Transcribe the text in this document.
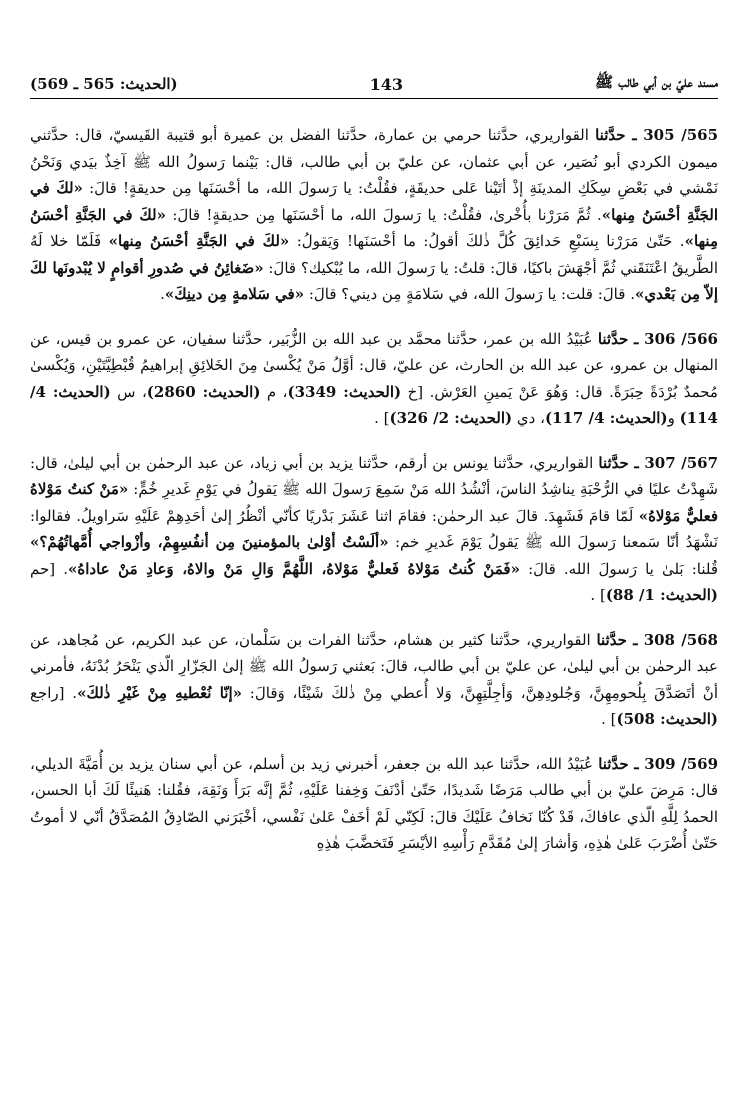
مسند عليّ بن أبي طالب ﷺ
143
(الحديث: 565 ـ 569)

565/ 305 ـ حدَّثنا القواريري، حدَّثنا حرمي بن عمارة، حدَّثنا الفضل بن عميرة أبو قتيبة القَيسيّ، قال: حدَّثني ميمون الكردي أبو نُصَير، عن أبي عثمان، عن عليّ بن أبي طالب، قال: بَيْنما رَسولُ الله ﷺ آخِذٌ بيَدي وَنَحْنُ نَمْشي في بَعْضِ سِكَكِ المدينَةِ إذْ أتَيْنا عَلى حديقَةٍ، فقُلْتُ: يا رَسولَ الله، ما أحْسَنَها مِن حديقةٍ! قالَ: «لكَ في الجَنَّةِ أحْسَنُ مِنها». ثُمَّ مَرَرْنا بأُخْرىٰ، فقُلْتُ: يا رَسولَ الله، ما أحْسَنَها مِن حديقةٍ! قالَ: «لكَ في الجَنَّةِ أحْسَنُ مِنها». حَتّىٰ مَرَرْنا بِسَبْعِ حَدائِقَ كُلَّ ذٰلكَ أقولُ: ما أحْسَنَها! وَيَقولُ: «لكَ في الجَنَّةِ أحْسَنُ مِنها» فَلَمّا خلا لَهُ الطَّريقُ اعْتَنَقَني ثُمَّ أجْهَشَ باكيًا، قالَ: قلتُ: يا رَسولَ الله، ما يُبْكيك؟ قالَ: «ضَغائِنُ في صُدورِ أقوامٍ لا يُبْدونَها لكَ إلاّ مِن بَعْدي». قالَ: قلت: يا رَسولَ الله، في سَلامَةٍ مِن ديني؟ قالَ: «في سَلامةٍ مِن دينِكَ».

566/ 306 ـ حدَّثنا عُبَيْدُ الله بن عمر، حدَّثنا محمَّد بن عبد الله بن الزُّبَير، حدَّثنا سفيان، عن عمرو بن قيس، عن المنهال بن عمرو، عن عبد الله بن الحارث، عن عليّ، قال: أوَّلُ مَنْ يُكْسىٰ مِنَ الخَلائِقِ إبراهيمُ قُبْطِيَّتَيْنِ، وَيُكْسىٰ مُحمدٌ بُرْدَةً حِبَرَةً. قال: وَهُوَ عَنْ يَمينِ العَرْش. [خ (الحديث: 3349)، م (الحديث: 2860)، س (الحديث: 4/ 114) و(الحديث: 4/ 117)، دي (الحديث: 2/ 326)] .

567/ 307 ـ حدَّثنا القواريري، حدَّثنا يونس بن أرقم، حدَّثنا يزيد بن أبي زياد، عن عبد الرحمٰن بن أبي ليلىٰ، قال: شَهِدْتُ عليًا في الرُّحْبَةِ يناشِدُ الناسَ، أنْشُدُ الله مَنْ سَمِعَ رَسولَ الله ﷺ يَقولُ في يَوْمِ غَديرِ خُمٍّ: «مَنْ كنتُ مَوْلاهُ فعليٌّ مَوْلاهُ» لَمّا قامَ فَشَهِدَ. قالَ عبد الرحمٰن: فقامَ اثنا عَشَرَ بَدْريًا كأنّي أنْظُرُ إلىٰ أحَدِهِمْ عَلَيْهِ سَراويلُ. فقالوا: نَشْهَدُ أنّا سَمعنا رَسولَ الله ﷺ يَقولُ يَوْمَ غَديرِ خم: «ألَسْتُ أوْلىٰ بالمؤمنينَ مِن أنفُسِهِمْ، وأزْواجي أُمَّهاتُهُمْ؟» قُلنا: بَلىٰ يا رَسولَ الله. قالَ: «فَمَنْ كُنتُ مَوْلاهُ فَعليٌّ مَوْلاهُ، اللَّهُمَّ وَالِ مَنْ والاهُ، وَعادِ مَنْ عاداهُ». [حم (الحديث: 1/ 88)] .

568/ 308 ـ حدَّثنا القواريري، حدَّثنا كثير بن هشام، حدَّثنا الفرات بن سَلْمان، عن عبد الكريم، عن مُجاهد، عن عبد الرحمٰن بن أبي ليلىٰ، عن عليّ بن أبي طالب، قالَ: بَعثني رَسولُ الله ﷺ إلىٰ الجَزّارِ الّذي يَنْحَرُ بُدْنَهُ، فأمرني أنْ أتَصَدَّقَ بِلُحومِهِنَّ، وَجُلودِهِنَّ، وَأجِلَّتِهِنَّ، وَلا أُعطي مِنْ ذٰلكَ شَيْئًا، وَقالَ: «إنّا نُعْطيهِ مِنْ غَيْرِ ذٰلكَ». [راجع (الحديث: 508)] .

569/ 309 ـ حدَّثنا عُبَيْدُ الله، حدَّثنا عبد الله بن جعفر، أخبرني زيد بن أسلم، عن أبي سنان يزيد بن أُمَيَّةَ الديلي، قال: مَرِضَ عليّ بن أبي طالب مَرَضًا شَديدًا، حَتّىٰ أدْنَفَ وَخِفنا عَلَيْهِ، ثُمَّ إنَّه بَرَأَ وَنَقِهَ، فقُلنا: هَنيئًا لَكَ أبا الحسن، الحمدُ لِلَّهِ الّذي عافاكَ، قَدْ كُنّا نَخافُ عَلَيْكَ قالَ: لَكِنّي لَمْ أخَفْ عَلىٰ نَفْسي، أخْبَرَني الصّادِقُ المُصَدَّقُ أنّي لا أموتُ حَتّىٰ أُضْرَبَ عَلىٰ هٰذِهِ، وَأشارَ إلىٰ مُقَدَّمِ رَأْسِهِ الأيْسَرِ فَتَخضَّبَ هٰذِهِ
